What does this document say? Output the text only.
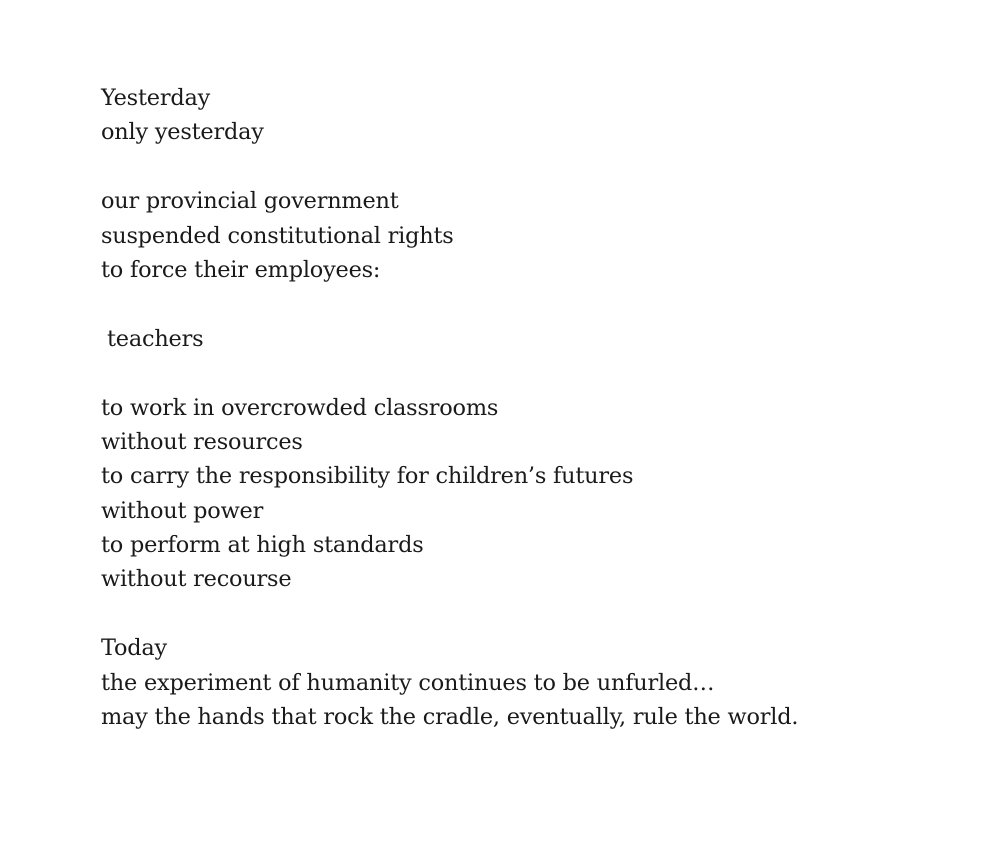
Yesterday
only yesterday
our provincial government
suspended constitutional rights
to force their employees:
teachers
to work in overcrowded classrooms
without resources
to carry the responsibility for children’s futures
without power
to perform at high standards
without recourse
Today
the experiment of humanity continues to be unfurled…
may the hands that rock the cradle, eventually, rule the world.
